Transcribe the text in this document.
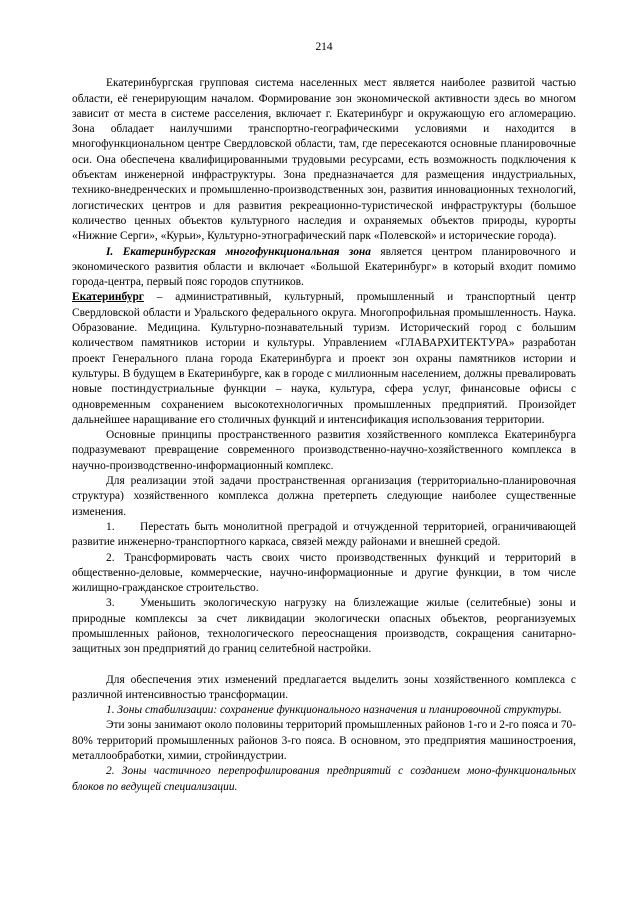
214

Екатеринбургская групповая система населенных мест является наиболее развитой частью области, её генерирующим началом. Формирование зон экономической активности здесь во многом зависит от места в системе расселения, включает г. Екатеринбург и окружающую его агломерацию. Зона обладает наилучшими транспортно-географическими условиями и находится в многофункциональном центре Свердловской области, там, где пересекаются основные планировочные оси. Она обеспечена квалифицированными трудовыми ресурсами, есть возможность подключения к объектам инженерной инфраструктуры. Зона предназначается для размещения индустриальных, технико-внедренческих и промышленно-производственных зон, развития инновационных технологий, логистических центров и для развития рекреационно-туристической инфраструктуры (большое количество ценных объектов культурного наследия и охраняемых объектов природы, курорты «Нижние Серги», «Курьи», Культурно-этнографический парк «Полевской» и исторические города).

I. Екатеринбургская многофункциональная зона является центром планировочного и экономического развития области и включает «Большой Екатеринбург» в который входит помимо города-центра, первый пояс городов спутников.

Екатеринбург – административный, культурный, промышленный и транспортный центр Свердловской области и Уральского федерального округа. Многопрофильная промышленность. Наука. Образование. Медицина. Культурно-познавательный туризм. Исторический город с большим количеством памятников истории и культуры. Управлением «ГЛАВАРХИТЕКТУРА» разработан проект Генерального плана города Екатеринбурга и проект зон охраны памятников истории и культуры. В будущем в Екатеринбурге, как в городе с миллионным населением, должны превалировать новые постиндустриальные функции – наука, культура, сфера услуг, финансовые офисы с одновременным сохранением высокотехнологичных промышленных предприятий. Произойдет дальнейшее наращивание его столичных функций и интенсификация использования территории.

Основные принципы пространственного развития хозяйственного комплекса Екатеринбурга подразумевают превращение современного производственно-научно-хозяйственного комплекса в научно-производственно-информационный комплекс.

Для реализации этой задачи пространственная организация (территориально-планировочная структура) хозяйственного комплекса должна претерпеть следующие наиболее существенные изменения.

1. Перестать быть монолитной преградой и отчужденной территорией, ограничивающей развитие инженерно-транспортного каркаса, связей между районами и внешней средой.

2. Трансформировать часть своих чисто производственных функций и территорий в общественно-деловые, коммерческие, научно-информационные и другие функции, в том числе жилищно-гражданское строительство.

3. Уменьшить экологическую нагрузку на близлежащие жилые (селитебные) зоны и природные комплексы за счет ликвидации экологически опасных объектов, реорганизуемых промышленных районов, технологического переоснащения производств, сокращения санитарно-защитных зон предприятий до границ селитебной настройки.

Для обеспечения этих изменений предлагается выделить зоны хозяйственного комплекса с различной интенсивностью трансформации.

1. Зоны стабилизации: сохранение функционального назначения и планировочной структуры.

Эти зоны занимают около половины территорий промышленных районов 1-го и 2-го пояса и 70-80% территорий промышленных районов 3-го пояса. В основном, это предприятия машиностроения, металлообработки, химии, стройиндустрии.

2. Зоны частичного перепрофилирования предприятий с созданием моно-функциональных блоков по ведущей специализации.
